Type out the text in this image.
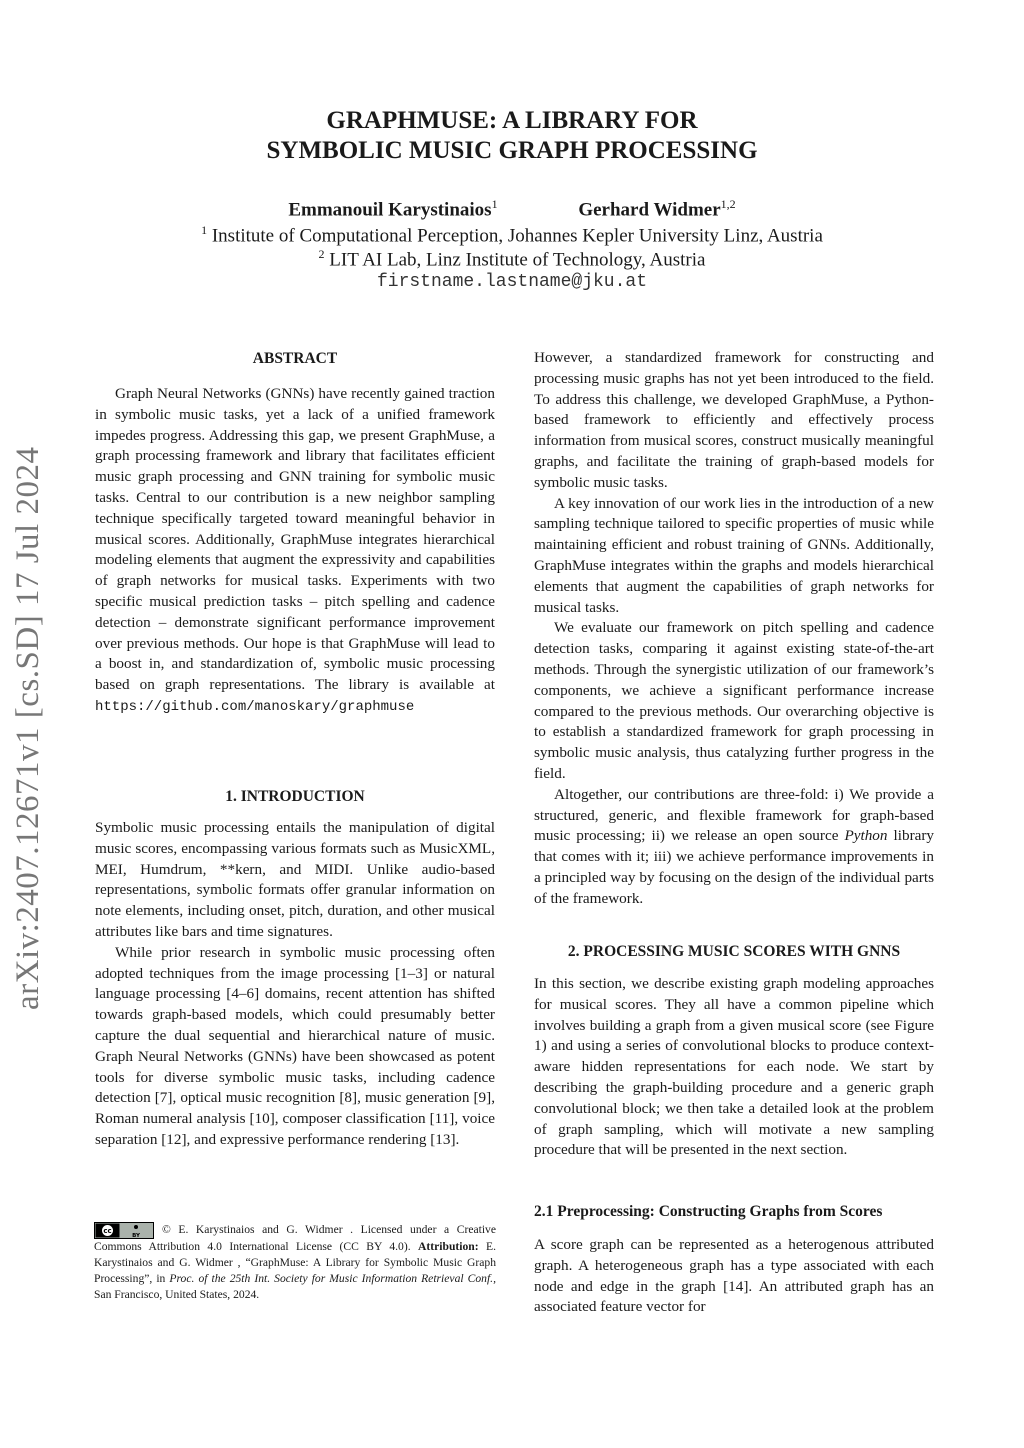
arXiv:2407.12671v1 [cs.SD] 17 Jul 2024
GRAPHMUSE: A LIBRARY FOR
SYMBOLIC MUSIC GRAPH PROCESSING
Emmanouil Karystinaios$^1$	Gerhard Widmer$^{1,2}$
$^1$ Institute of Computational Perception, Johannes Kepler University Linz, Austria
$^2$ LIT AI Lab, Linz Institute of Technology, Austria
firstname.lastname@jku.at
ABSTRACT

Graph Neural Networks (GNNs) have recently gained traction in symbolic music tasks, yet a lack of a unified framework impedes progress. Addressing this gap, we present GraphMuse, a graph processing framework and library that facilitates efficient music graph processing and GNN training for symbolic music tasks. Central to our contribution is a new neighbor sampling technique specifically targeted toward meaningful behavior in musical scores. Additionally, GraphMuse integrates hierarchical modeling elements that augment the expressivity and capabilities of graph networks for musical tasks. Experiments with two specific musical prediction tasks – pitch spelling and cadence detection – demonstrate significant performance improvement over previous methods. Our hope is that GraphMuse will lead to a boost in, and standardization of, symbolic music processing based on graph representations. The library is available at https://github.com/manoskary/graphmuse

1. INTRODUCTION

Symbolic music processing entails the manipulation of digital music scores, encompassing various formats such as MusicXML, MEI, Humdrum, **kern, and MIDI. Unlike audio-based representations, symbolic formats offer granular information on note elements, including onset, pitch, duration, and other musical attributes like bars and time signatures.

While prior research in symbolic music processing often adopted techniques from the image processing [1–3] or natural language processing [4–6] domains, recent attention has shifted towards graph-based models, which could presumably better capture the dual sequential and hierarchical nature of music. Graph Neural Networks (GNNs) have been showcased as potent tools for diverse symbolic music tasks, including cadence detection [7], optical music recognition [8], music generation [9], Roman numeral analysis [10], composer classification [11], voice separation [12], and expressive performance rendering [13].

cc
BY © E. Karystinaios and G. Widmer . Licensed under a Creative Commons Attribution 4.0 International License (CC BY 4.0). Attribution: E. Karystinaios and G. Widmer , “GraphMuse: A Library for Symbolic Music Graph Processing”, in Proc. of the 25th Int. Society for Music Information Retrieval Conf., San Francisco, United States, 2024.

However, a standardized framework for constructing and processing music graphs has not yet been introduced to the field. To address this challenge, we developed GraphMuse, a Python-based framework to efficiently and effectively process information from musical scores, construct musically meaningful graphs, and facilitate the training of graph-based models for symbolic music tasks.

A key innovation of our work lies in the introduction of a new sampling technique tailored to specific properties of music while maintaining efficient and robust training of GNNs. Additionally, GraphMuse integrates within the graphs and models hierarchical elements that augment the capabilities of graph networks for musical tasks.

We evaluate our framework on pitch spelling and cadence detection tasks, comparing it against existing state-of-the-art methods. Through the synergistic utilization of our framework’s components, we achieve a significant performance increase compared to the previous methods. Our overarching objective is to establish a standardized framework for graph processing in symbolic music analysis, thus catalyzing further progress in the field.

Altogether, our contributions are three-fold: i) We provide a structured, generic, and flexible framework for graph-based music processing; ii) we release an open source Python library that comes with it; iii) we achieve performance improvements in a principled way by focusing on the design of the individual parts of the framework.

2. PROCESSING MUSIC SCORES WITH GNNS

In this section, we describe existing graph modeling approaches for musical scores. They all have a common pipeline which involves building a graph from a given musical score (see Figure 1) and using a series of convolutional blocks to produce context-aware hidden representations for each node. We start by describing the graph-building procedure and a generic graph convolutional block; we then take a detailed look at the problem of graph sampling, which will motivate a new sampling procedure that will be presented in the next section.

2.1 Preprocessing: Constructing Graphs from Scores

A score graph can be represented as a heterogenous attributed graph. A heterogeneous graph has a type associated with each node and edge in the graph [14]. An attributed graph has an associated feature vector for
